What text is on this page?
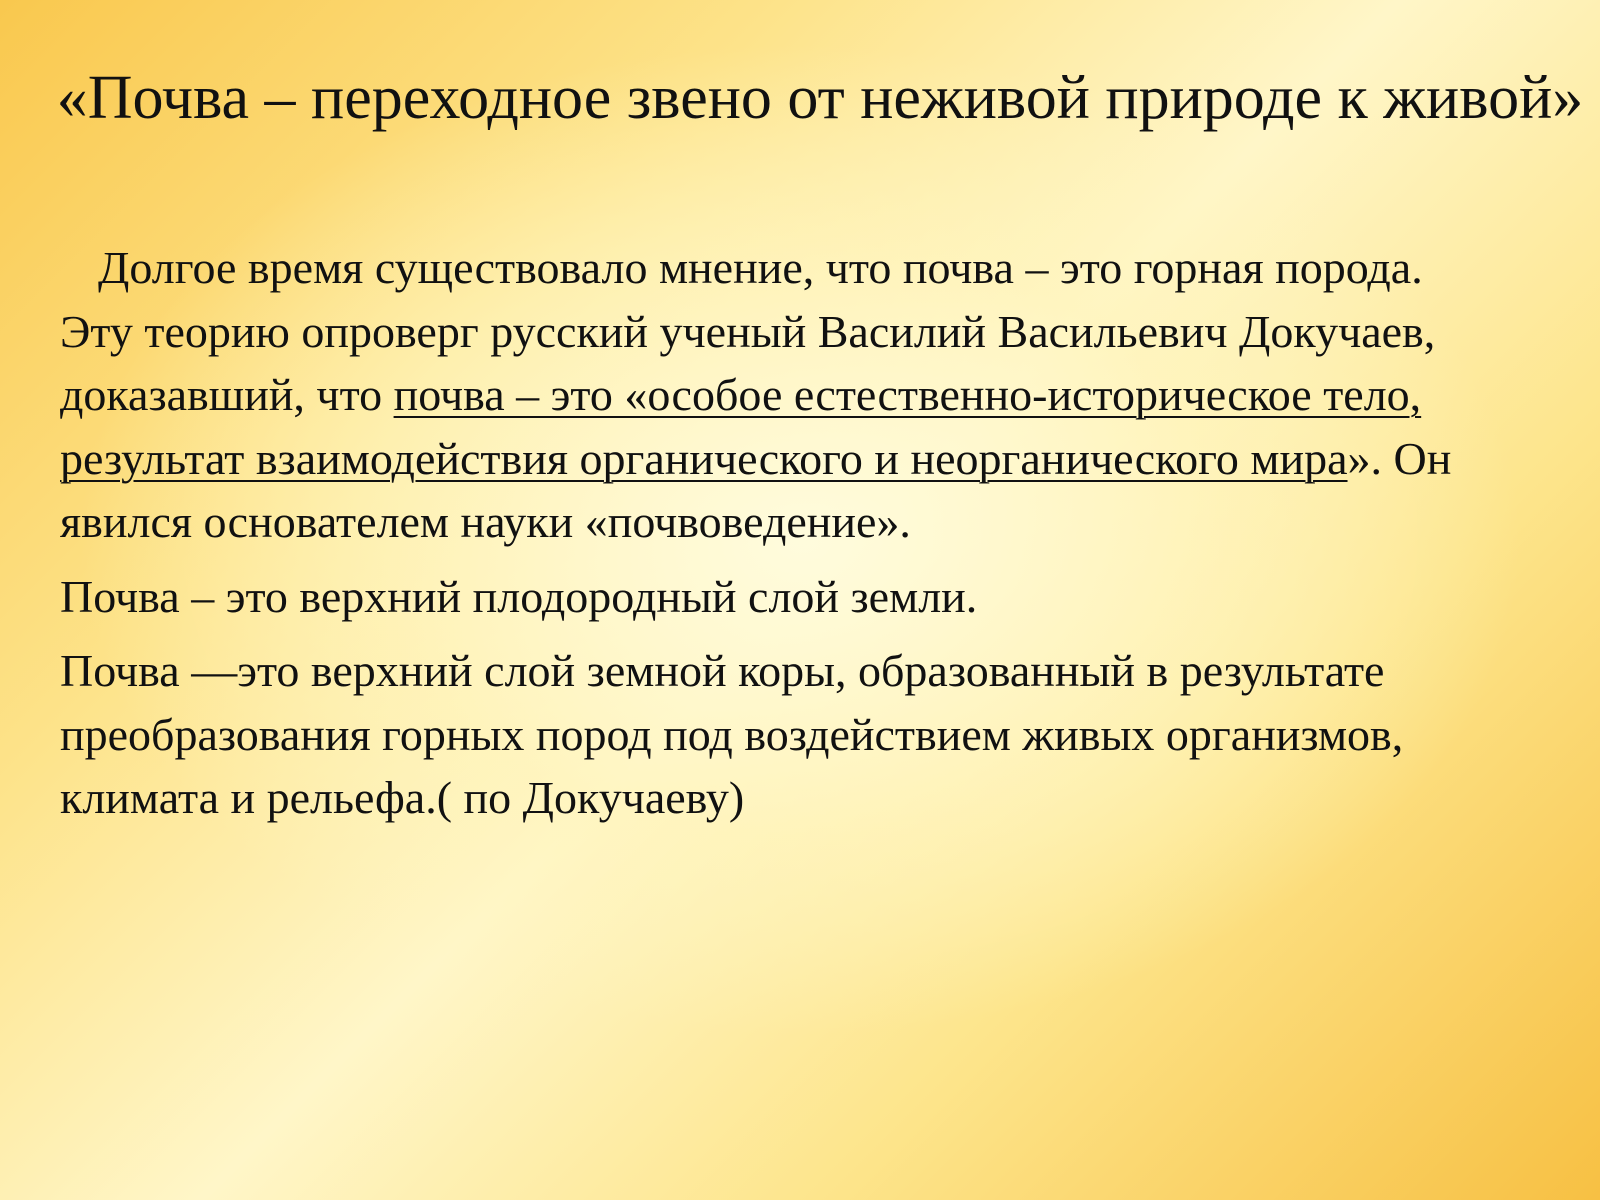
«Почва – переходное звено от неживой природе к живой»

Долгое время существовало мнение, что почва – это горная порода. Эту теорию опроверг русский ученый Василий Васильевич Докучаев, доказавший, что почва – это «особое естественно-историческое тело, результат взаимодействия органического и неорганического мира». Он явился основателем науки «почвоведение».

Почва – это верхний плодородный слой земли.

Почва —это верхний слой земной коры, образованный в результате преобразования горных пород под воздействием живых организмов, климата и рельефа.( по Докучаеву)
